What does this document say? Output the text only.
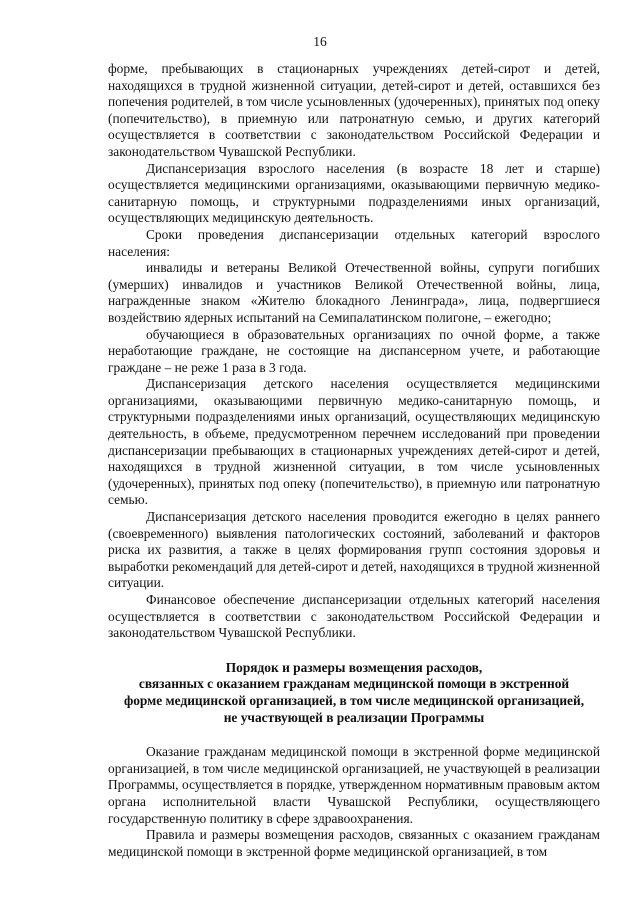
16

форме, пребывающих в стационарных учреждениях детей-сирот и детей, находящихся в трудной жизненной ситуации, детей-сирот и детей, оставшихся без попечения родителей, в том числе усыновленных (удочеренных), принятых под опеку (попечительство), в приемную или патронатную семью, и других категорий осуществляется в соответствии с законодательством Российской Федерации и законодательством Чувашской Республики.

Диспансеризация взрослого населения (в возрасте 18 лет и старше) осуществляется медицинскими организациями, оказывающими первичную медико-санитарную помощь, и структурными подразделениями иных организаций, осуществляющих медицинскую деятельность.

Сроки проведения диспансеризации отдельных категорий взрослого населения:

инвалиды и ветераны Великой Отечественной войны, супруги погибших (умерших) инвалидов и участников Великой Отечественной войны, лица, награжденные знаком «Жителю блокадного Ленинграда», лица, подвергшиеся воздействию ядерных испытаний на Семипалатинском полигоне, – ежегодно;

обучающиеся в образовательных организациях по очной форме, а также неработающие граждане, не состоящие на диспансерном учете, и работающие граждане – не реже 1 раза в 3 года.

Диспансеризация детского населения осуществляется медицинскими организациями, оказывающими первичную медико-санитарную помощь, и структурными подразделениями иных организаций, осуществляющих медицинскую деятельность, в объеме, предусмотренном перечнем исследований при проведении диспансеризации пребывающих в стационарных учреждениях детей-сирот и детей, находящихся в трудной жизненной ситуации, в том числе усыновленных (удочеренных), принятых под опеку (попечительство), в приемную или патронатную семью.

Диспансеризация детского населения проводится ежегодно в целях раннего (своевременного) выявления патологических состояний, заболеваний и факторов риска их развития, а также в целях формирования групп состояния здоровья и выработки рекомендаций для детей-сирот и детей, находящихся в трудной жизненной ситуации.

Финансовое обеспечение диспансеризации отдельных категорий населения осуществляется в соответствии с законодательством Российской Федерации и законодательством Чувашской Республики.

Порядок и размеры возмещения расходов,
связанных с оказанием гражданам медицинской помощи в экстренной
форме медицинской организацией, в том числе медицинской организацией,
не участвующей в реализации Программы

Оказание гражданам медицинской помощи в экстренной форме медицинской организацией, в том числе медицинской организацией, не участвующей в реализации Программы, осуществляется в порядке, утвержденном нормативным правовым актом органа исполнительной власти Чувашской Республики, осуществляющего государственную политику в сфере здравоохранения.

Правила и размеры возмещения расходов, связанных с оказанием гражданам медицинской помощи в экстренной форме медицинской организацией, в том
